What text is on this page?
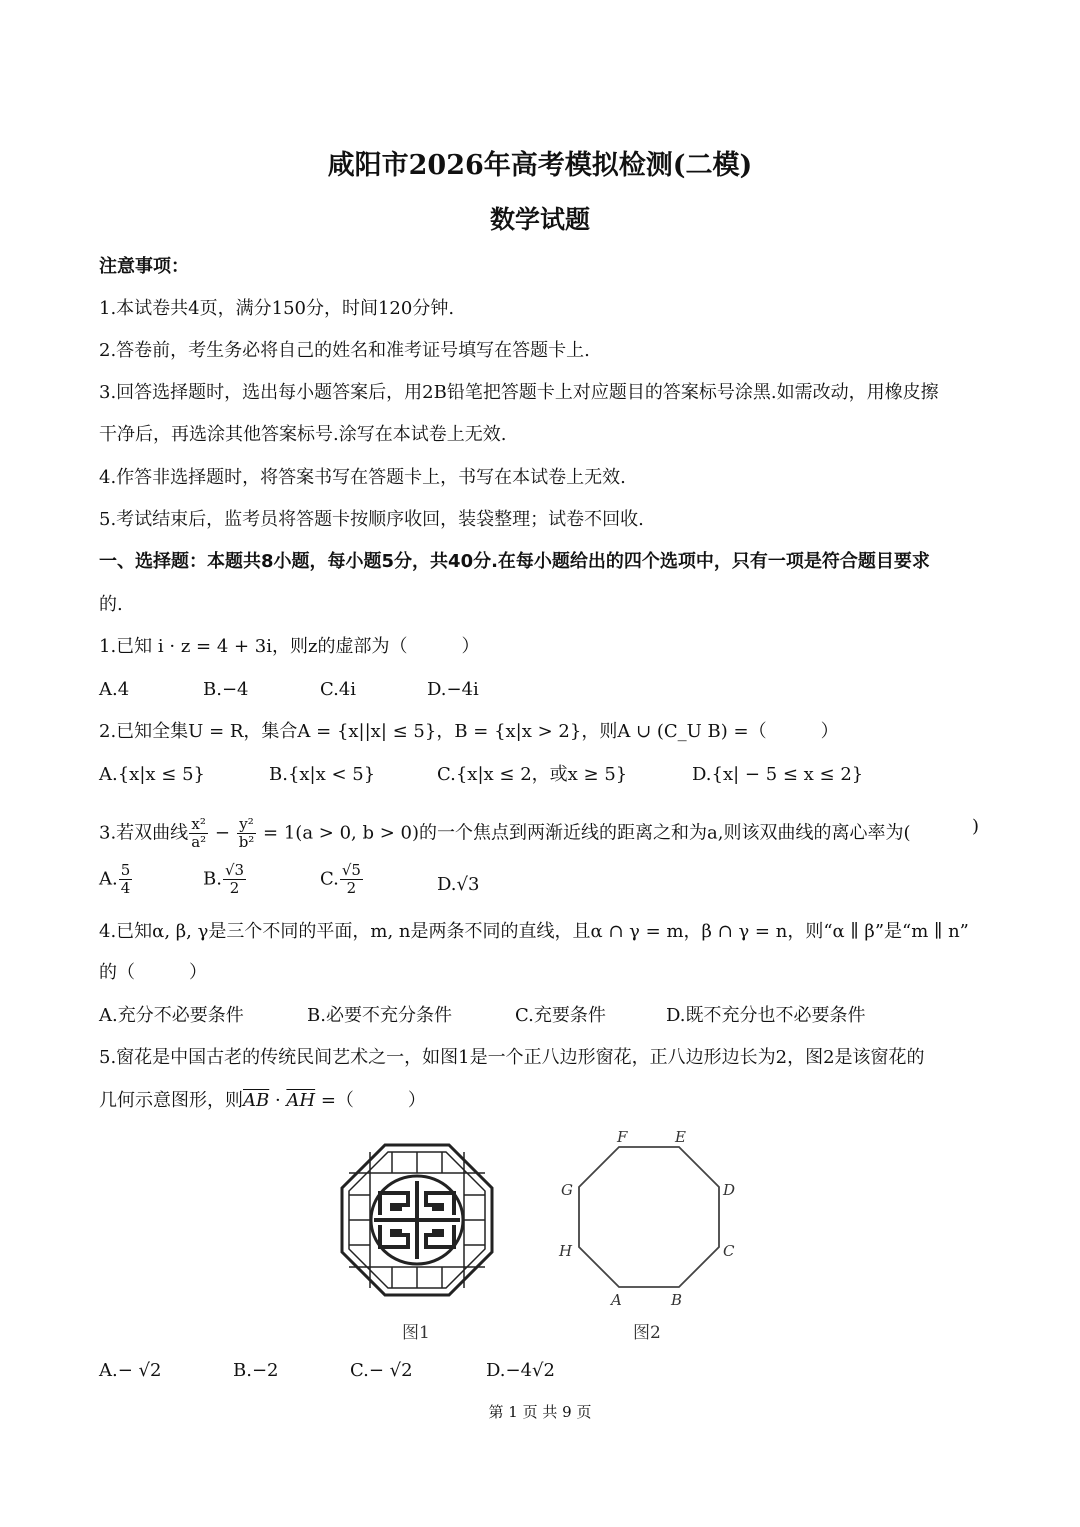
咸阳市2026年高考模拟检测(二模)
数学试题
注意事项：
1.本试卷共4页，满分150分，时间120分钟.
2.答卷前，考生务必将自己的姓名和准考证号填写在答题卡上.
3.回答选择题时，选出每小题答案后，用2B铅笔把答题卡上对应题目的答案标号涂黑.如需改动，用橡皮擦
干净后，再选涂其他答案标号.涂写在本试卷上无效.
4.作答非选择题时，将答案书写在答题卡上，书写在本试卷上无效.
5.考试结束后，监考员将答题卡按顺序收回，装袋整理；试卷不回收.
一、选择题：本题共8小题，每小题5分，共40分.在每小题给出的四个选项中，只有一项是符合题目要求
的.
1.已知 i · z = 4 + 3i，则z的虚部为（　　　）
A.4	B.−4	C.4i	D.−4i
2.已知全集U = R，集合A = {x||x| ≤ 5}，B = {x|x > 2}，则A ∪ (C_U B) =（　　　）
A.{x|x ≤ 5}	B.{x|x < 5}	C.{x|x ≤ 2，或x ≥ 5}	D.{x| − 5 ≤ x ≤ 2}
3.若双曲线 $\frac{\text{x²}}{\text{a²}} - \frac{\text{y²}}{\text{b²}} = 1(a > 0$, b > 0)的一个焦点到两渐近线的距离之和为a,则该双曲线的离心率为(	)
A. $\frac{5}{4}$	B. $\frac{√3}{2}$	C. $\frac{√5}{2}$	D.√3
4.已知α, β, γ是三个不同的平面，m, n是两条不同的直线，且α ∩ γ = m，β ∩ γ = n，则“α ∥ β”是“m ∥ n”
的（　　　）
A.充分不必要条件	B.必要不充分条件	C.充要条件	D.既不充分也不必要条件
5.窗花是中国古老的传统民间艺术之一，如图1是一个正八边形窗花，正八边形边长为2，图2是该窗花的
几何示意图形，则$\overline{AB} \cdot \overline{AH}$ =（　　　）
图1
A	B
C
D
E
F
G
H
图2
A.− √2	B.−2	C.− √2	D.−4√2
第 1 页 共 9 页
